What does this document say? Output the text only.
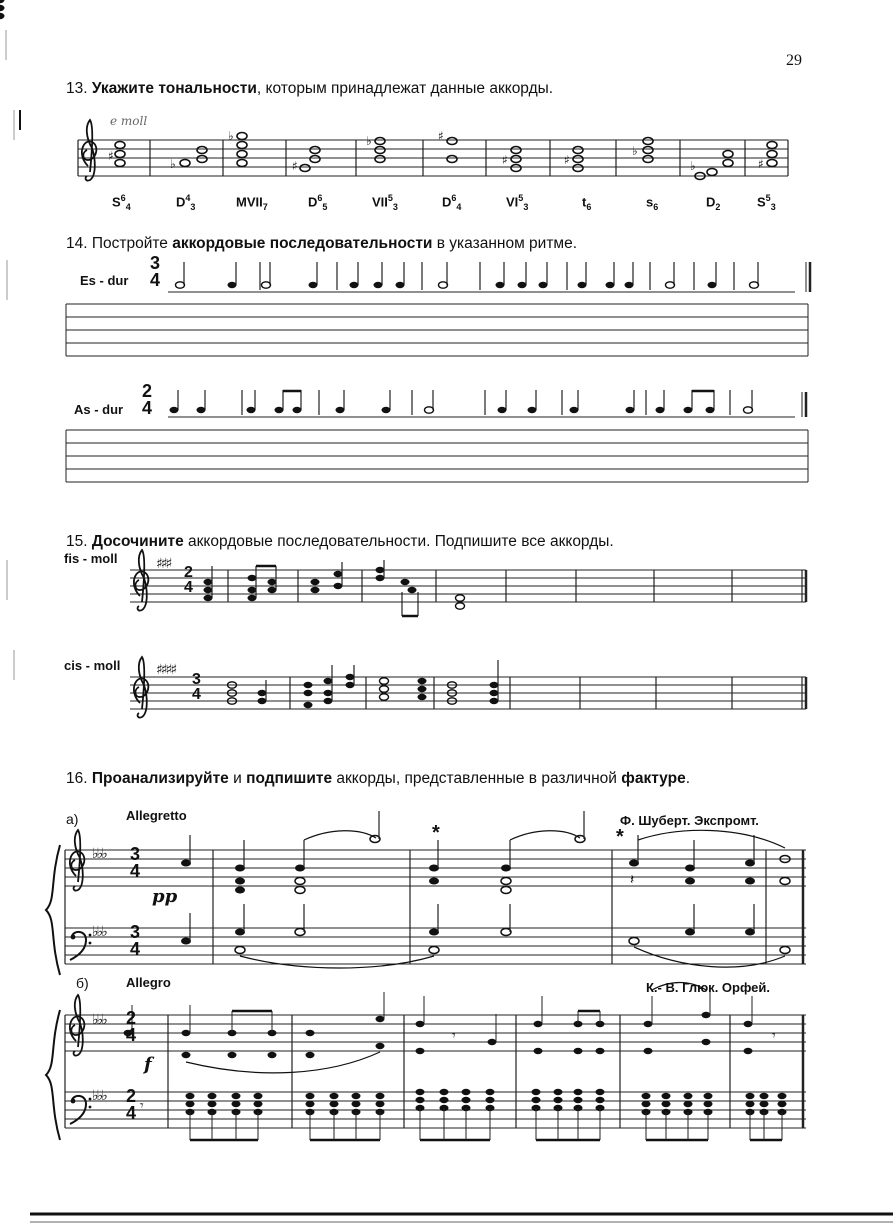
♯
♭
♭
♯
♭	♯
♯	♯
♭
♭	♯
𝄽
𝄾	𝄾
𝄾
29
13. Укажите тональности, которым принадлежат данные аккорды.
e moll
$S^6_4$	$D^4_3$	$MVII_7$	$D^6_5$	$VII^5_3$	$D^6_4$	$VI^5_3$	$t_6$	$s_6$	$D_2$	$S^5_3$
14. Постройте аккордовые последовательности в указанном ритме.
Es - dur
3
4
As - dur
2
4
15. Досочините аккордовые последовательности. Подпишите все аккорды.
fis - moll	♯♯♯ 2
4
cis - moll	♯♯♯♯
3
4
16. Проанализируйте и подпишите аккорды, представленные в различной фактуре.
а)	Allegretto	Ф. Шуберт. Экспромт.
♭♭♭ 3
4
♭♭♭ 3
4
pp
*	*
б)	Allegro	К.- В. Глюк. Орфей.
♭♭♭ 2
4
♭♭♭ 2
4
f
